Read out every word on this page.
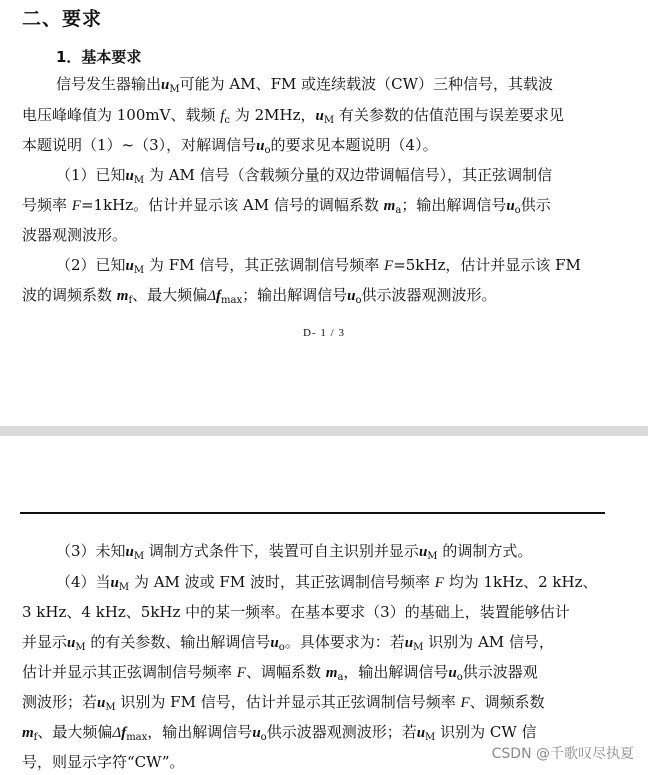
二、要求
1．基本要求
信号发生器输出$u_M$可能为 AM、FM 或连续载波（CW）三种信号，其载波
电压峰峰值为 100mV、载频 $f_c$ 为 2MHz，$u_M$ 有关参数的估值范围与误差要求见
本题说明（1）~（3），对解调信号$u_o$的要求见本题说明（4）。
（1）已知$u_M$ 为 AM 信号（含载频分量的双边带调幅信号），其正弦调制信
号频率 F=1kHz。估计并显示该 AM 信号的调幅系数 $m_a$；输出解调信号$u_o$供示
波器观测波形。
（2）已知$u_M$ 为 FM 信号，其正弦调制信号频率 F=5kHz，估计并显示该 FM
波的调频系数 $m_f$、最大频偏$\Delta f_{max}$；输出解调信号$u_o$供示波器观测波形。
D- 1 / 3
（3）未知$u_M$ 调制方式条件下，装置可自主识别并显示$u_M$ 的调制方式。
（4）当$u_M$ 为 AM 波或 FM 波时，其正弦调制信号频率 F 均为 1kHz、2 kHz、
3 kHz、4 kHz、5kHz 中的某一频率。在基本要求（3）的基础上，装置能够估计
并显示$u_M$ 的有关参数、输出解调信号$u_o$。具体要求为：若$u_M$ 识别为 AM 信号，
估计并显示其正弦调制信号频率 F、调幅系数 $m_a$，输出解调信号$u_o$供示波器观
测波形；若$u_M$ 识别为 FM 信号，估计并显示其正弦调制信号频率 F、调频系数
$m_f$、最大频偏$\Delta f_{max}$，输出解调信号$u_o$供示波器观测波形；若$u_M$ 识别为 CW 信
号，则显示字符“CW”。	CSDN @千歌叹尽执夏
